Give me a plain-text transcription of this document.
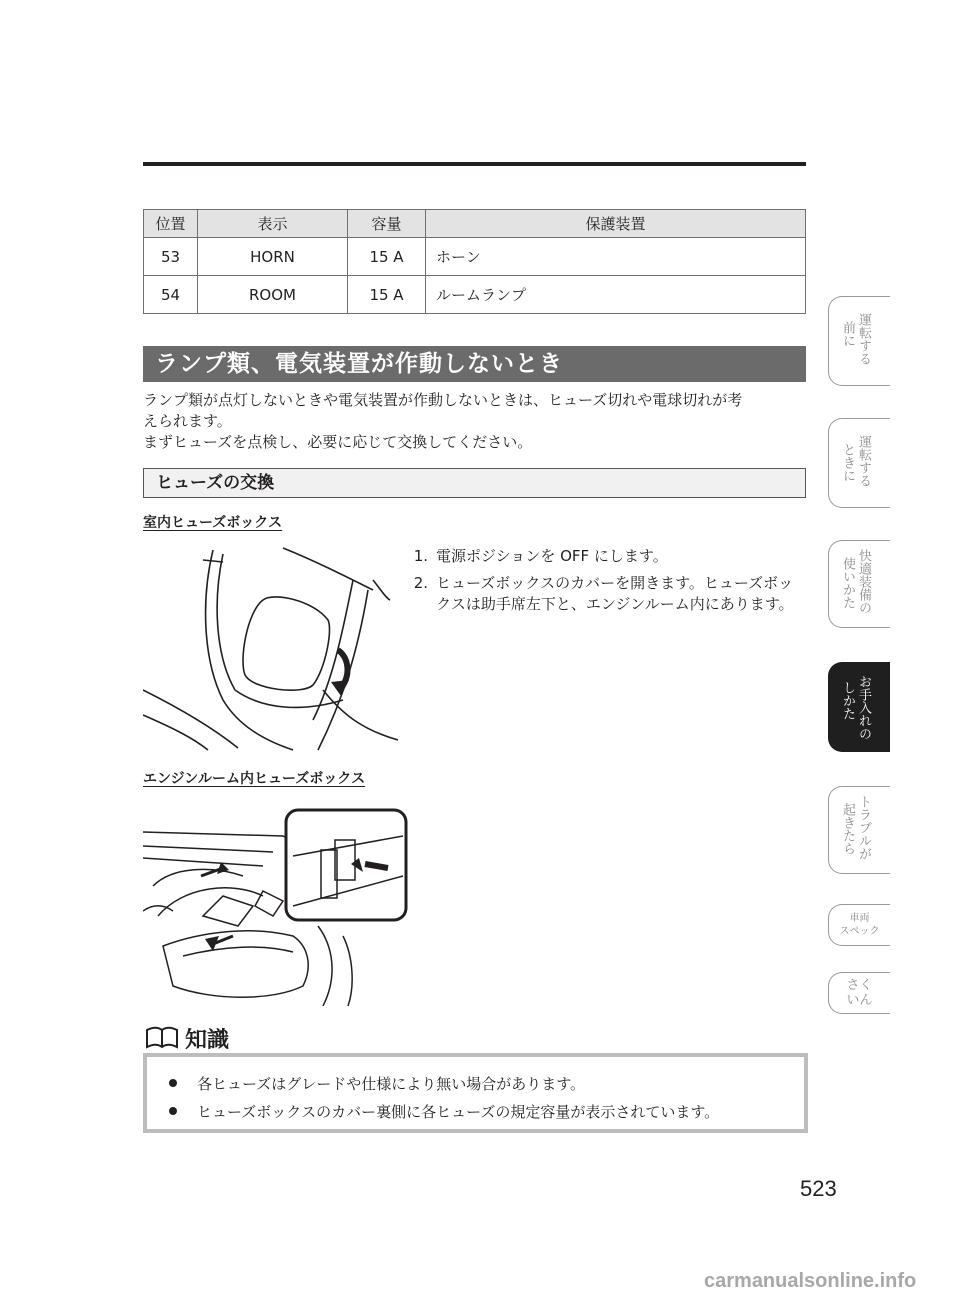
位置	表示	容量	保護装置
53	HORN	15 A	ホーン
54	ROOM	15 A	ルームランプ
ランプ類、電気装置が作動しないとき
ランプ類が点灯しないときや電気装置が作動しないときは、ヒューズ切れや電球切れが考
えられます。
まずヒューズを点検し、必要に応じて交換してください。
ヒューズの交換
室内ヒューズボックス
1. 電源ポジションを OFF にします。
2. ヒューズボックスのカバーを開きます。ヒューズボックスは助手席左下と、エンジンルーム内にあります。
エンジンルーム内ヒューズボックス
知識
各ヒューズはグレードや仕様により無い場合があります。
ヒューズボックスのカバー裏側に各ヒューズの規定容量が表示されています。
523
carmanualsonline.info
運転する
前に
運転する
ときに
快適装備の
使いかた
お手入れの
しかた
トラブルが
起きたら
車両
スペック
さく
いん
